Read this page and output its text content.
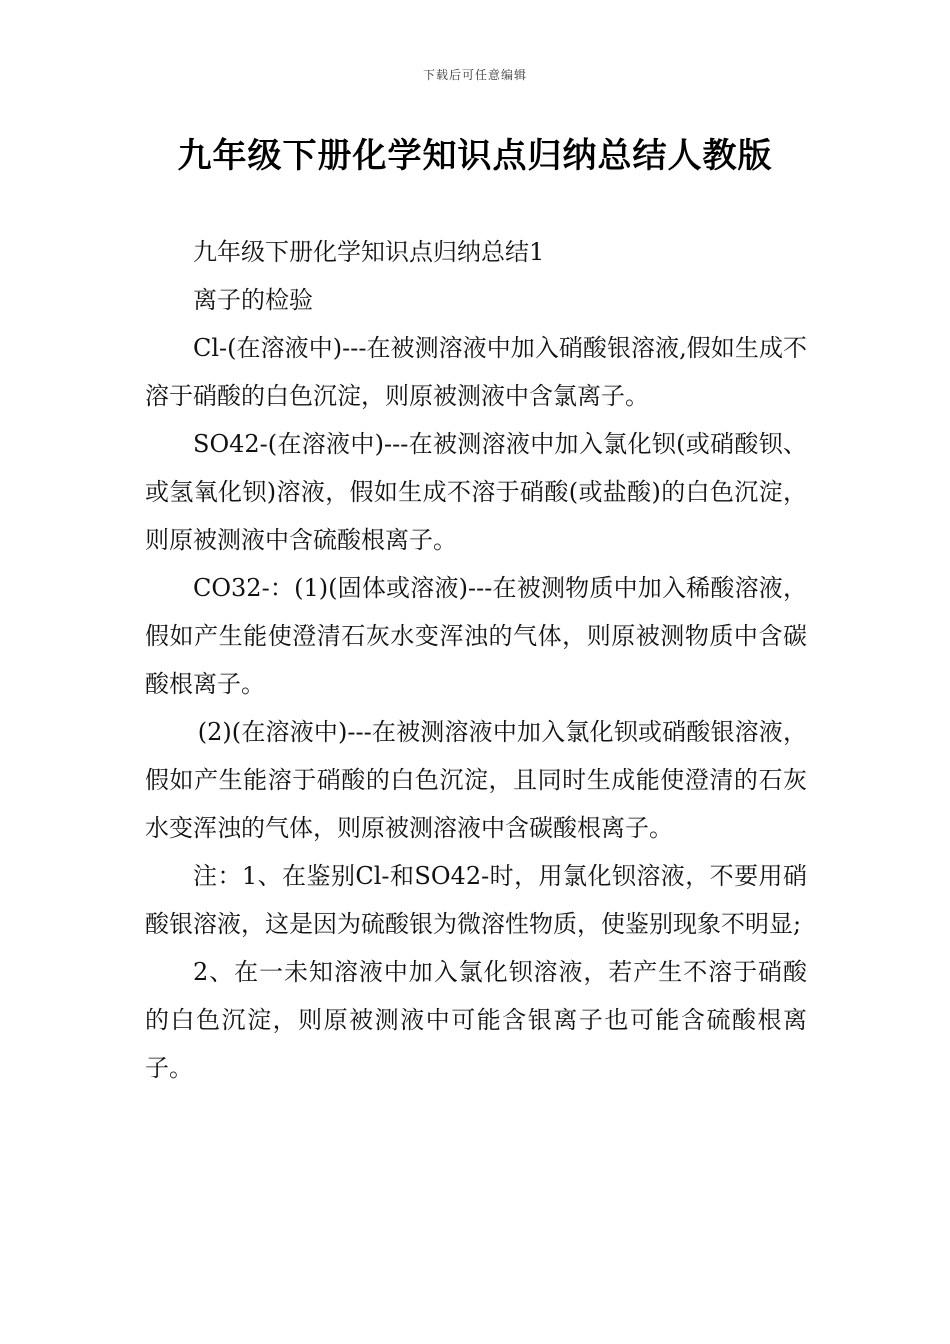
下载后可任意编辑
九年级下册化学知识点归纳总结人教版

九年级下册化学知识点归纳总结1

离子的检验

Cl-(在溶液中)---在被测溶液中加入硝酸银溶液,假如生成不溶于硝酸的白色沉淀，则原被测液中含氯离子。

SO42-(在溶液中)---在被测溶液中加入氯化钡(或硝酸钡、或氢氧化钡)溶液，假如生成不溶于硝酸(或盐酸)的白色沉淀，则原被测液中含硫酸根离子。

CO32-：(1)(固体或溶液)---在被测物质中加入稀酸溶液，假如产生能使澄清石灰水变浑浊的气体，则原被测物质中含碳酸根离子。

(2)(在溶液中)---在被测溶液中加入氯化钡或硝酸银溶液，假如产生能溶于硝酸的白色沉淀，且同时生成能使澄清的石灰水变浑浊的气体，则原被测溶液中含碳酸根离子。

注：1、在鉴别Cl-和SO42-时，用氯化钡溶液，不要用硝酸银溶液，这是因为硫酸银为微溶性物质，使鉴别现象不明显;

2、在一未知溶液中加入氯化钡溶液，若产生不溶于硝酸的白色沉淀，则原被测液中可能含银离子也可能含硫酸根离子。
